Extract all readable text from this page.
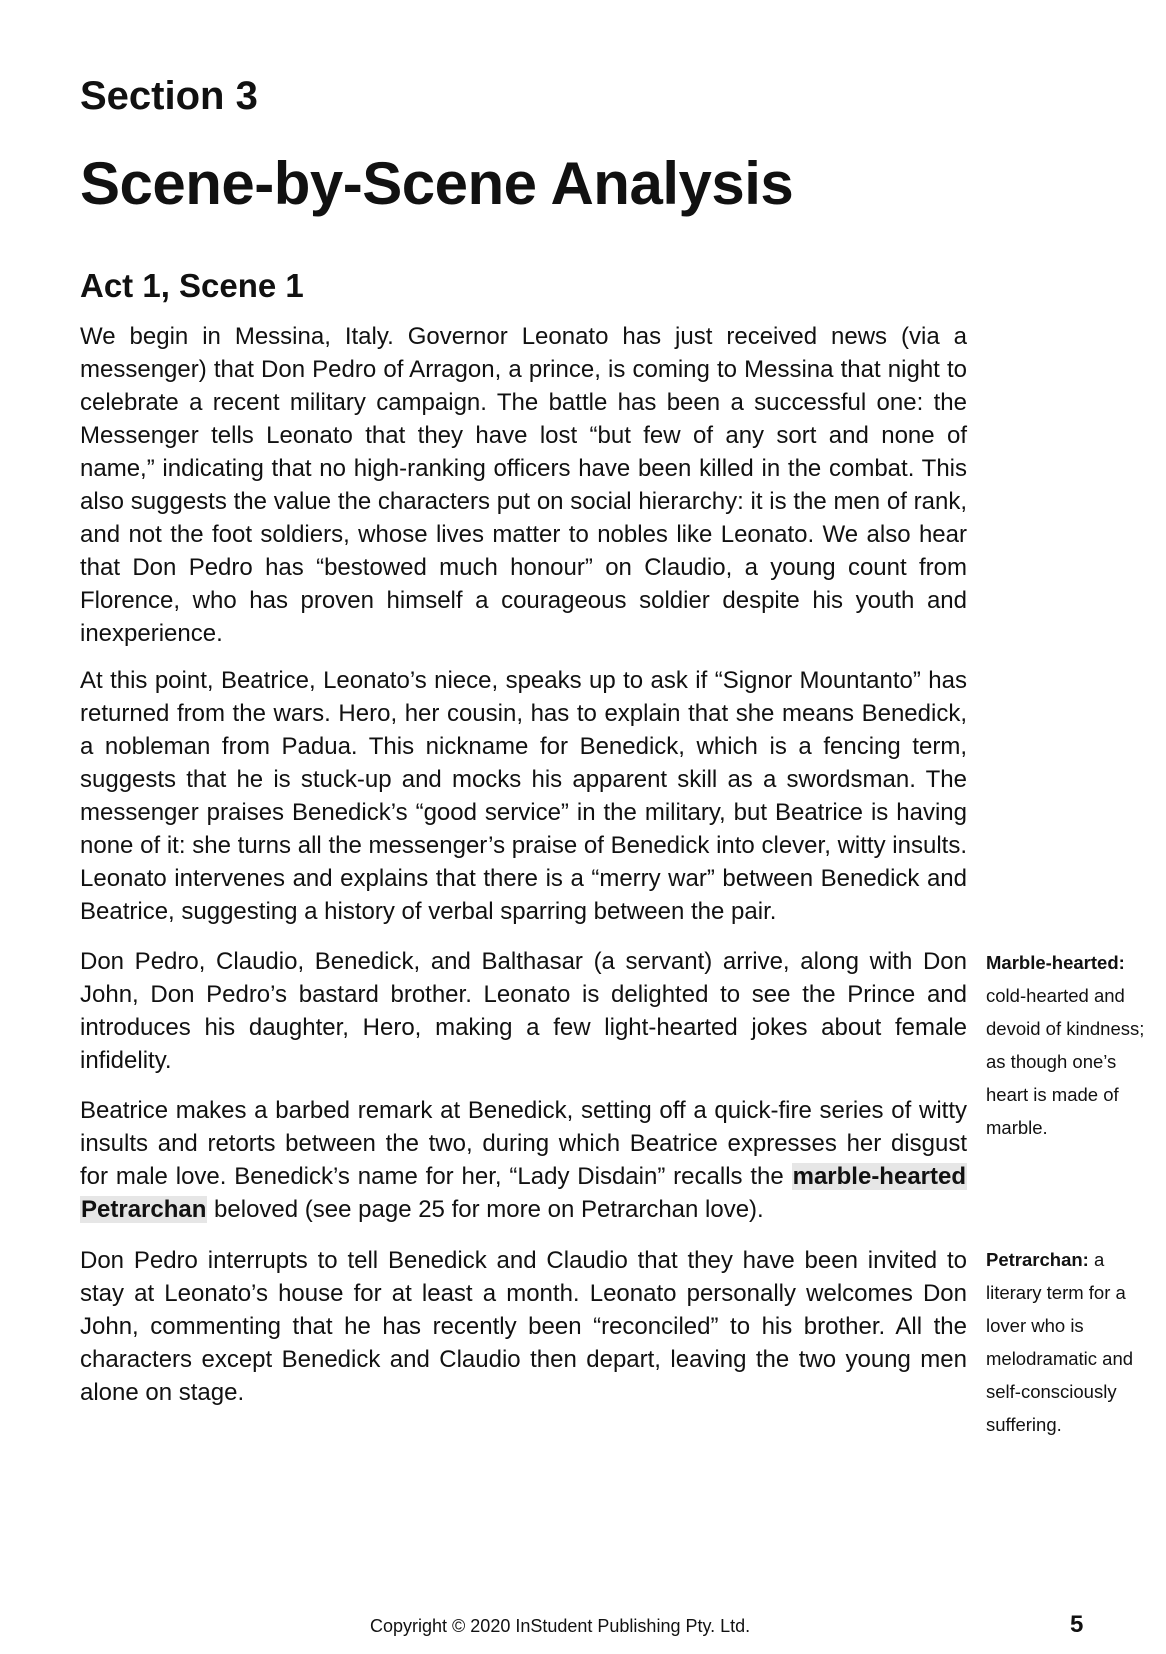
Section 3
Scene-by-Scene Analysis
Act 1, Scene 1

We begin in Messina, Italy. Governor Leonato has just received news (via a messenger) that Don Pedro of Arragon, a prince, is coming to Messina that night to celebrate a recent military campaign. The battle has been a successful one: the Messenger tells Leonato that they have lost “but few of any sort and none of name,” indicating that no high-ranking officers have been killed in the combat. This also suggests the value the characters put on social hierarchy: it is the men of rank, and not the foot soldiers, whose lives matter to nobles like Leonato. We also hear that Don Pedro has “bestowed much honour” on Claudio, a young count from Florence, who has proven himself a courageous soldier despite his youth and inexperience.

At this point, Beatrice, Leonato’s niece, speaks up to ask if “Signor Mountanto” has returned from the wars. Hero, her cousin, has to explain that she means Benedick, a nobleman from Padua. This nickname for Benedick, which is a fencing term, suggests that he is stuck-up and mocks his apparent skill as a swordsman. The messenger praises Benedick’s “good service” in the military, but Beatrice is having none of it: she turns all the messenger’s praise of Benedick into clever, witty insults. Leonato intervenes and explains that there is a “merry war” between Benedick and Beatrice, suggesting a history of verbal sparring between the pair.

Don Pedro, Claudio, Benedick, and Balthasar (a servant) arrive, along with Don John, Don Pedro’s bastard brother. Leonato is delighted to see the Prince and introduces his daughter, Hero, making a few light-hearted jokes about female infidelity.

Beatrice makes a barbed remark at Benedick, setting off a quick-fire series of witty insults and retorts between the two, during which Beatrice expresses her disgust for male love. Benedick’s name for her, “Lady Disdain” recalls the marble-hearted Petrarchan beloved (see page 25 for more on Petrarchan love).

Don Pedro interrupts to tell Benedick and Claudio that they have been invited to stay at Leonato’s house for at least a month. Leonato personally welcomes Don John, commenting that he has recently been “reconciled” to his brother. All the characters except Benedick and Claudio then depart, leaving the two young men alone on stage.

Marble-hearted: cold-hearted and devoid of kindness; as though one’s heart is made of marble.
Petrarchan: a literary term for a lover who is melodramatic and self-consciously suffering.
Copyright © 2020 InStudent Publishing Pty. Ltd.	5
